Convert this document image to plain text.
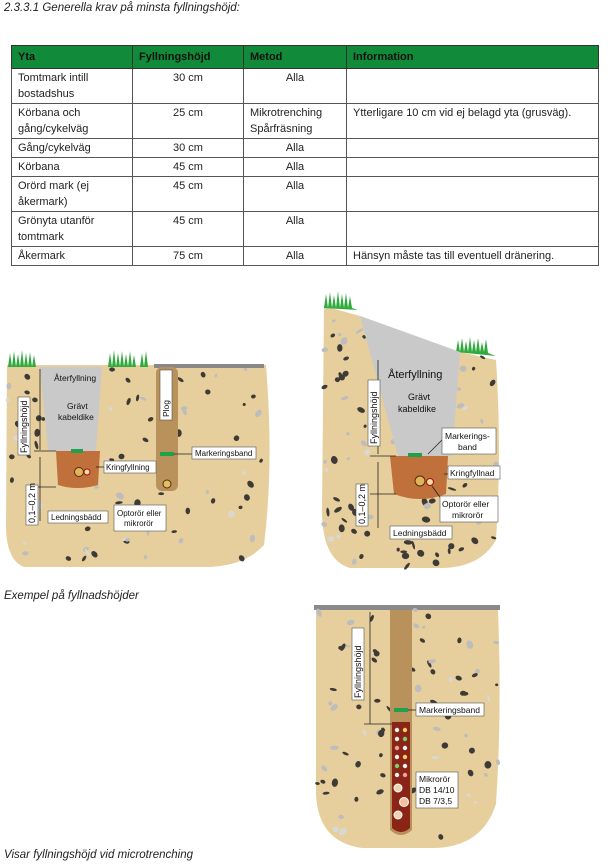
2.3.3.1 Generella krav på minsta fyllningshöjd:
Yta	Fyllningshöjd	Metod	Information
Tomtmark intill bostadshus	30 cm	Alla	
Körbana och gång/cykelväg	25 cm	Mikrotrenching Spårfräsning	Ytterligare 10 cm vid ej belagd yta (grusväg).
Gång/cykelväg	30 cm	Alla	
Körbana	45 cm	Alla	
Orörd mark (ej åkermark)	45 cm	Alla	
Grönyta utanför tomtmark	45 cm	Alla	
Åkermark	75 cm	Alla	Hänsyn måste tas till eventuell dränering.
Fyllningshöjd
0,1–0,2 m
Återfyllning
Grävt
kabeldike	Plog
Markeringsband
Kringfyllning
Optorör eller
mikrorör
Ledningsbädd
Fyllningshöjd
0,1–0,2 m
Återfyllning
Grävt
kabeldike
Markerings-
band
Kringfyllnad
Optorör eller
mikrorör
Ledningsbädd
Exempel på fyllnadshöjder
Fyllningshöjd
Markeringsband
Mikrorör
DB 14/10
DB 7/3,5
Visar fyllningshöjd vid microtrenching
